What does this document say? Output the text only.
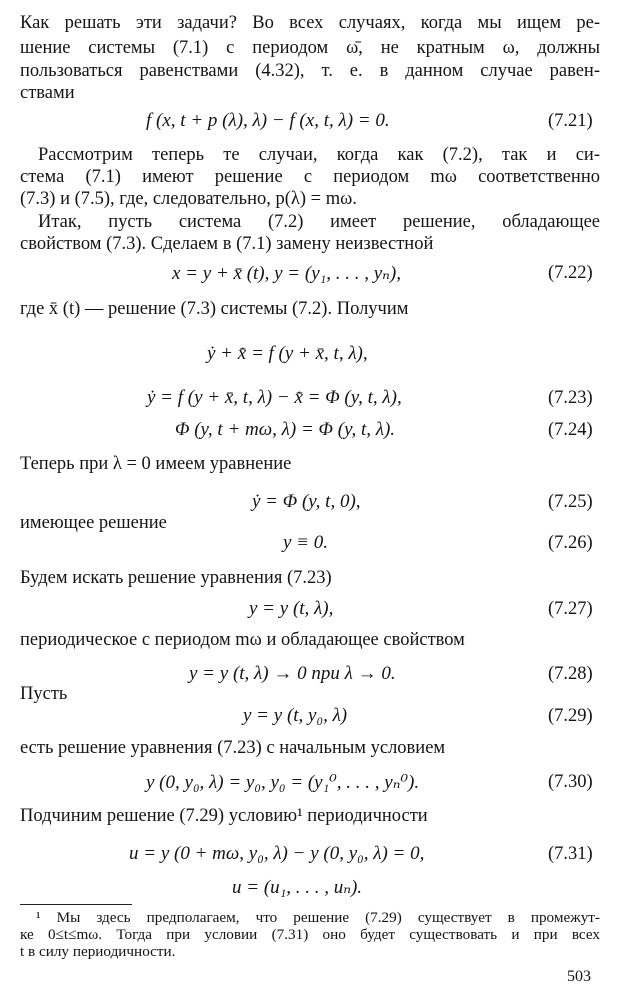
Как решать эти задачи? Во всех случаях, когда мы ищем ре-
шение системы (7.1) с периодом ω̄, не кратным ω, должны
пользоваться равенствами (4.32), т. е. в данном случае равен-
ствами
f (x, t + p (λ), λ) − f (x, t, λ) = 0.	(7.21)
Рассмотрим теперь те случаи, когда как (7.2), так и си-
стема (7.1) имеют решение с периодом mω соответственно
(7.3) и (7.5), где, следовательно, p(λ) = mω.
Итак, пусть система (7.2) имеет решение, обладающее
свойством (7.3). Сделаем в (7.1) замену неизвестной
x = y + x̄ (t), y = (y₁, . . . , yₙ),	(7.22)
где x̄ (t) — решение (7.3) системы (7.2). Получим
ẏ + x̄̇ = f (y + x̄, t, λ),
ẏ = f (y + x̄, t, λ) − x̄̇ = Φ (y, t, λ),	(7.23)
Φ (y, t + mω, λ) = Φ (y, t, λ).	(7.24)
Теперь при λ = 0 имеем уравнение
ẏ = Φ (y, t, 0),	(7.25)
имеющее решение
y ≡ 0.	(7.26)
Будем искать решение уравнения (7.23)
y = y (t, λ),	(7.27)
периодическое с периодом mω и обладающее свойством
y = y (t, λ) → 0 при λ → 0.	(7.28)
Пусть
y = y (t, y₀, λ)	(7.29)
есть решение уравнения (7.23) с начальным условием
y (0, y₀, λ) = y₀, y₀ = (y₁⁰, . . . , yₙ⁰).	(7.30)
Подчиним решение (7.29) условию¹ периодичности
u = y (0 + mω, y₀, λ) − y (0, y₀, λ) = 0,	(7.31)
u = (u₁, . . . , uₙ).
¹ Мы здесь предполагаем, что решение (7.29) существует в промежут-
ке 0≤t≤mω. Тогда при условии (7.31) оно будет существовать и при всех
t в силу периодичности.
503
